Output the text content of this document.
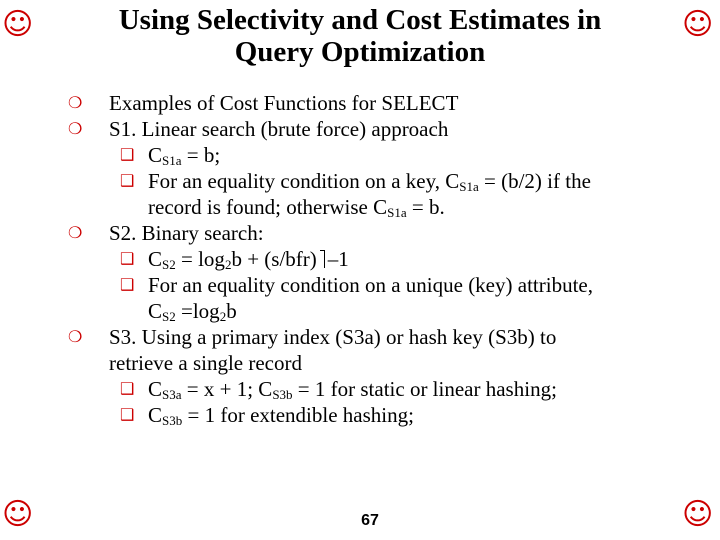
☺	☺
☺	☺
Using Selectivity and Cost Estimates in
Query Optimization
❍ Examples of Cost Functions for SELECT
❍ S1. Linear search (brute force) approach
❑ $C_{S1a} = b$;
❑ For an equality condition on a key, $C_{S1a} = (b/2)$ if the
record is found; otherwise $C_{S1a} = b$.
❍ S2. Binary search:
❑ $C_{S2} = \log_2b + (s/bfr)$ –1
❑ For an equality condition on a unique (key) attribute,
$C_{S2} =\log_2b$
❍ S3. Using a primary index (S3a) or hash key (S3b) to
retrieve a single record
❑ $C_{S3a} = x + 1$; $C_{S3b} = 1$ for static or linear hashing;
❑ $C_{S3b} = 1$ for extendible hashing;
67
